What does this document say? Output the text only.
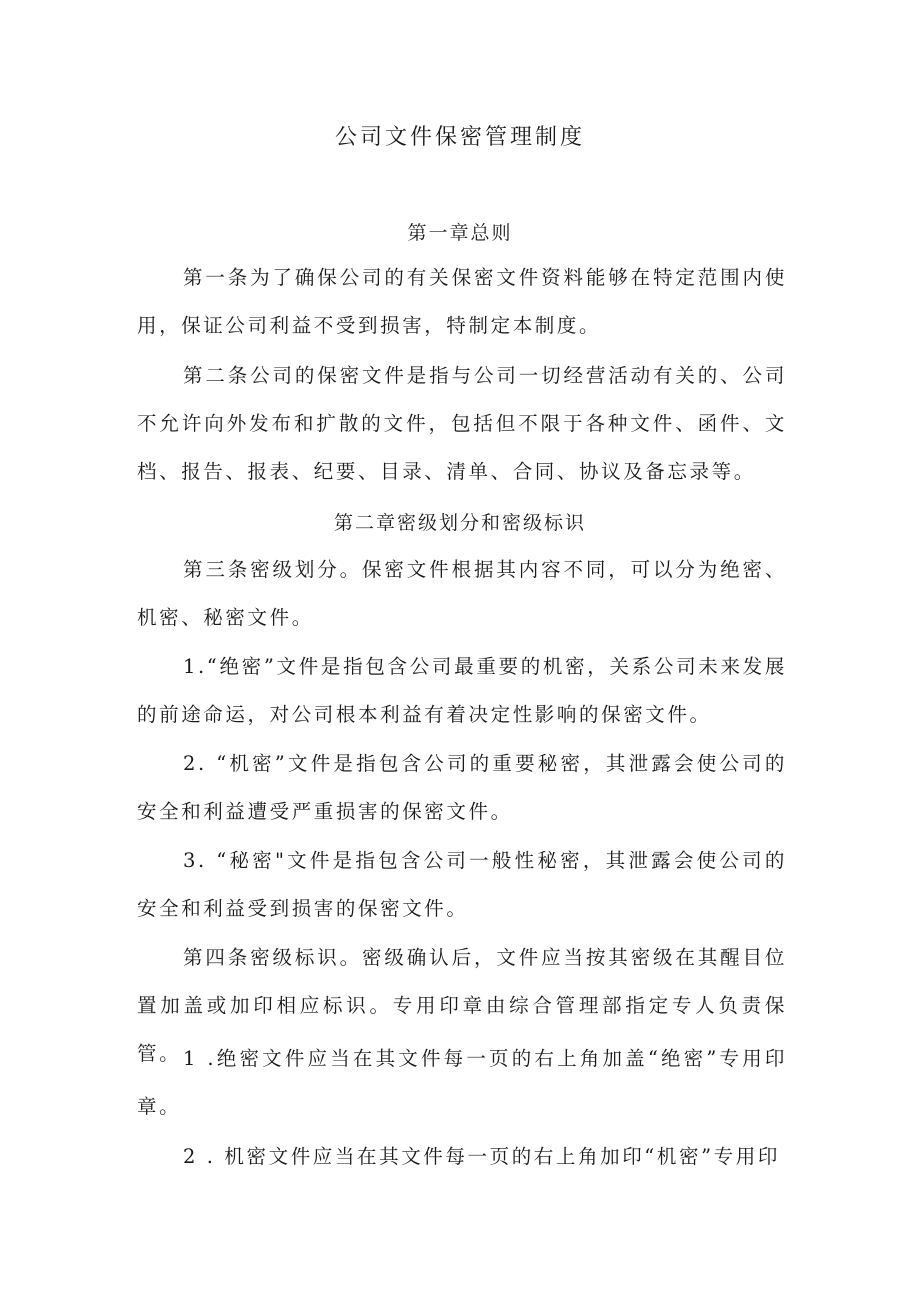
公司文件保密管理制度
第一章总则

第一条为了确保公司的有关保密文件资料能够在特定范围内使用，保证公司利益不受到损害，特制定本制度。

第二条公司的保密文件是指与公司一切经营活动有关的、公司不允许向外发布和扩散的文件，包括但不限于各种文件、函件、文档、报告、报表、纪要、目录、清单、合同、协议及备忘录等。

第二章密级划分和密级标识

第三条密级划分。保密文件根据其内容不同，可以分为绝密、机密、秘密文件。

1.“绝密”文件是指包含公司最重要的机密，关系公司未来发展的前途命运，对公司根本利益有着决定性影响的保密文件。

2. “机密”文件是指包含公司的重要秘密，其泄露会使公司的安全和利益遭受严重损害的保密文件。

3. “秘密"文件是指包含公司一般性秘密，其泄露会使公司的安全和利益受到损害的保密文件。

第四条密级标识。密级确认后，文件应当按其密级在其醒目位置加盖或加印相应标识。专用印章由综合管理部指定专人负责保管。 1 .绝密文件应当在其文件每一页的右上角加盖“绝密”专用印章。

2 . 机密文件应当在其文件每一页的右上角加印“机密”专用印
